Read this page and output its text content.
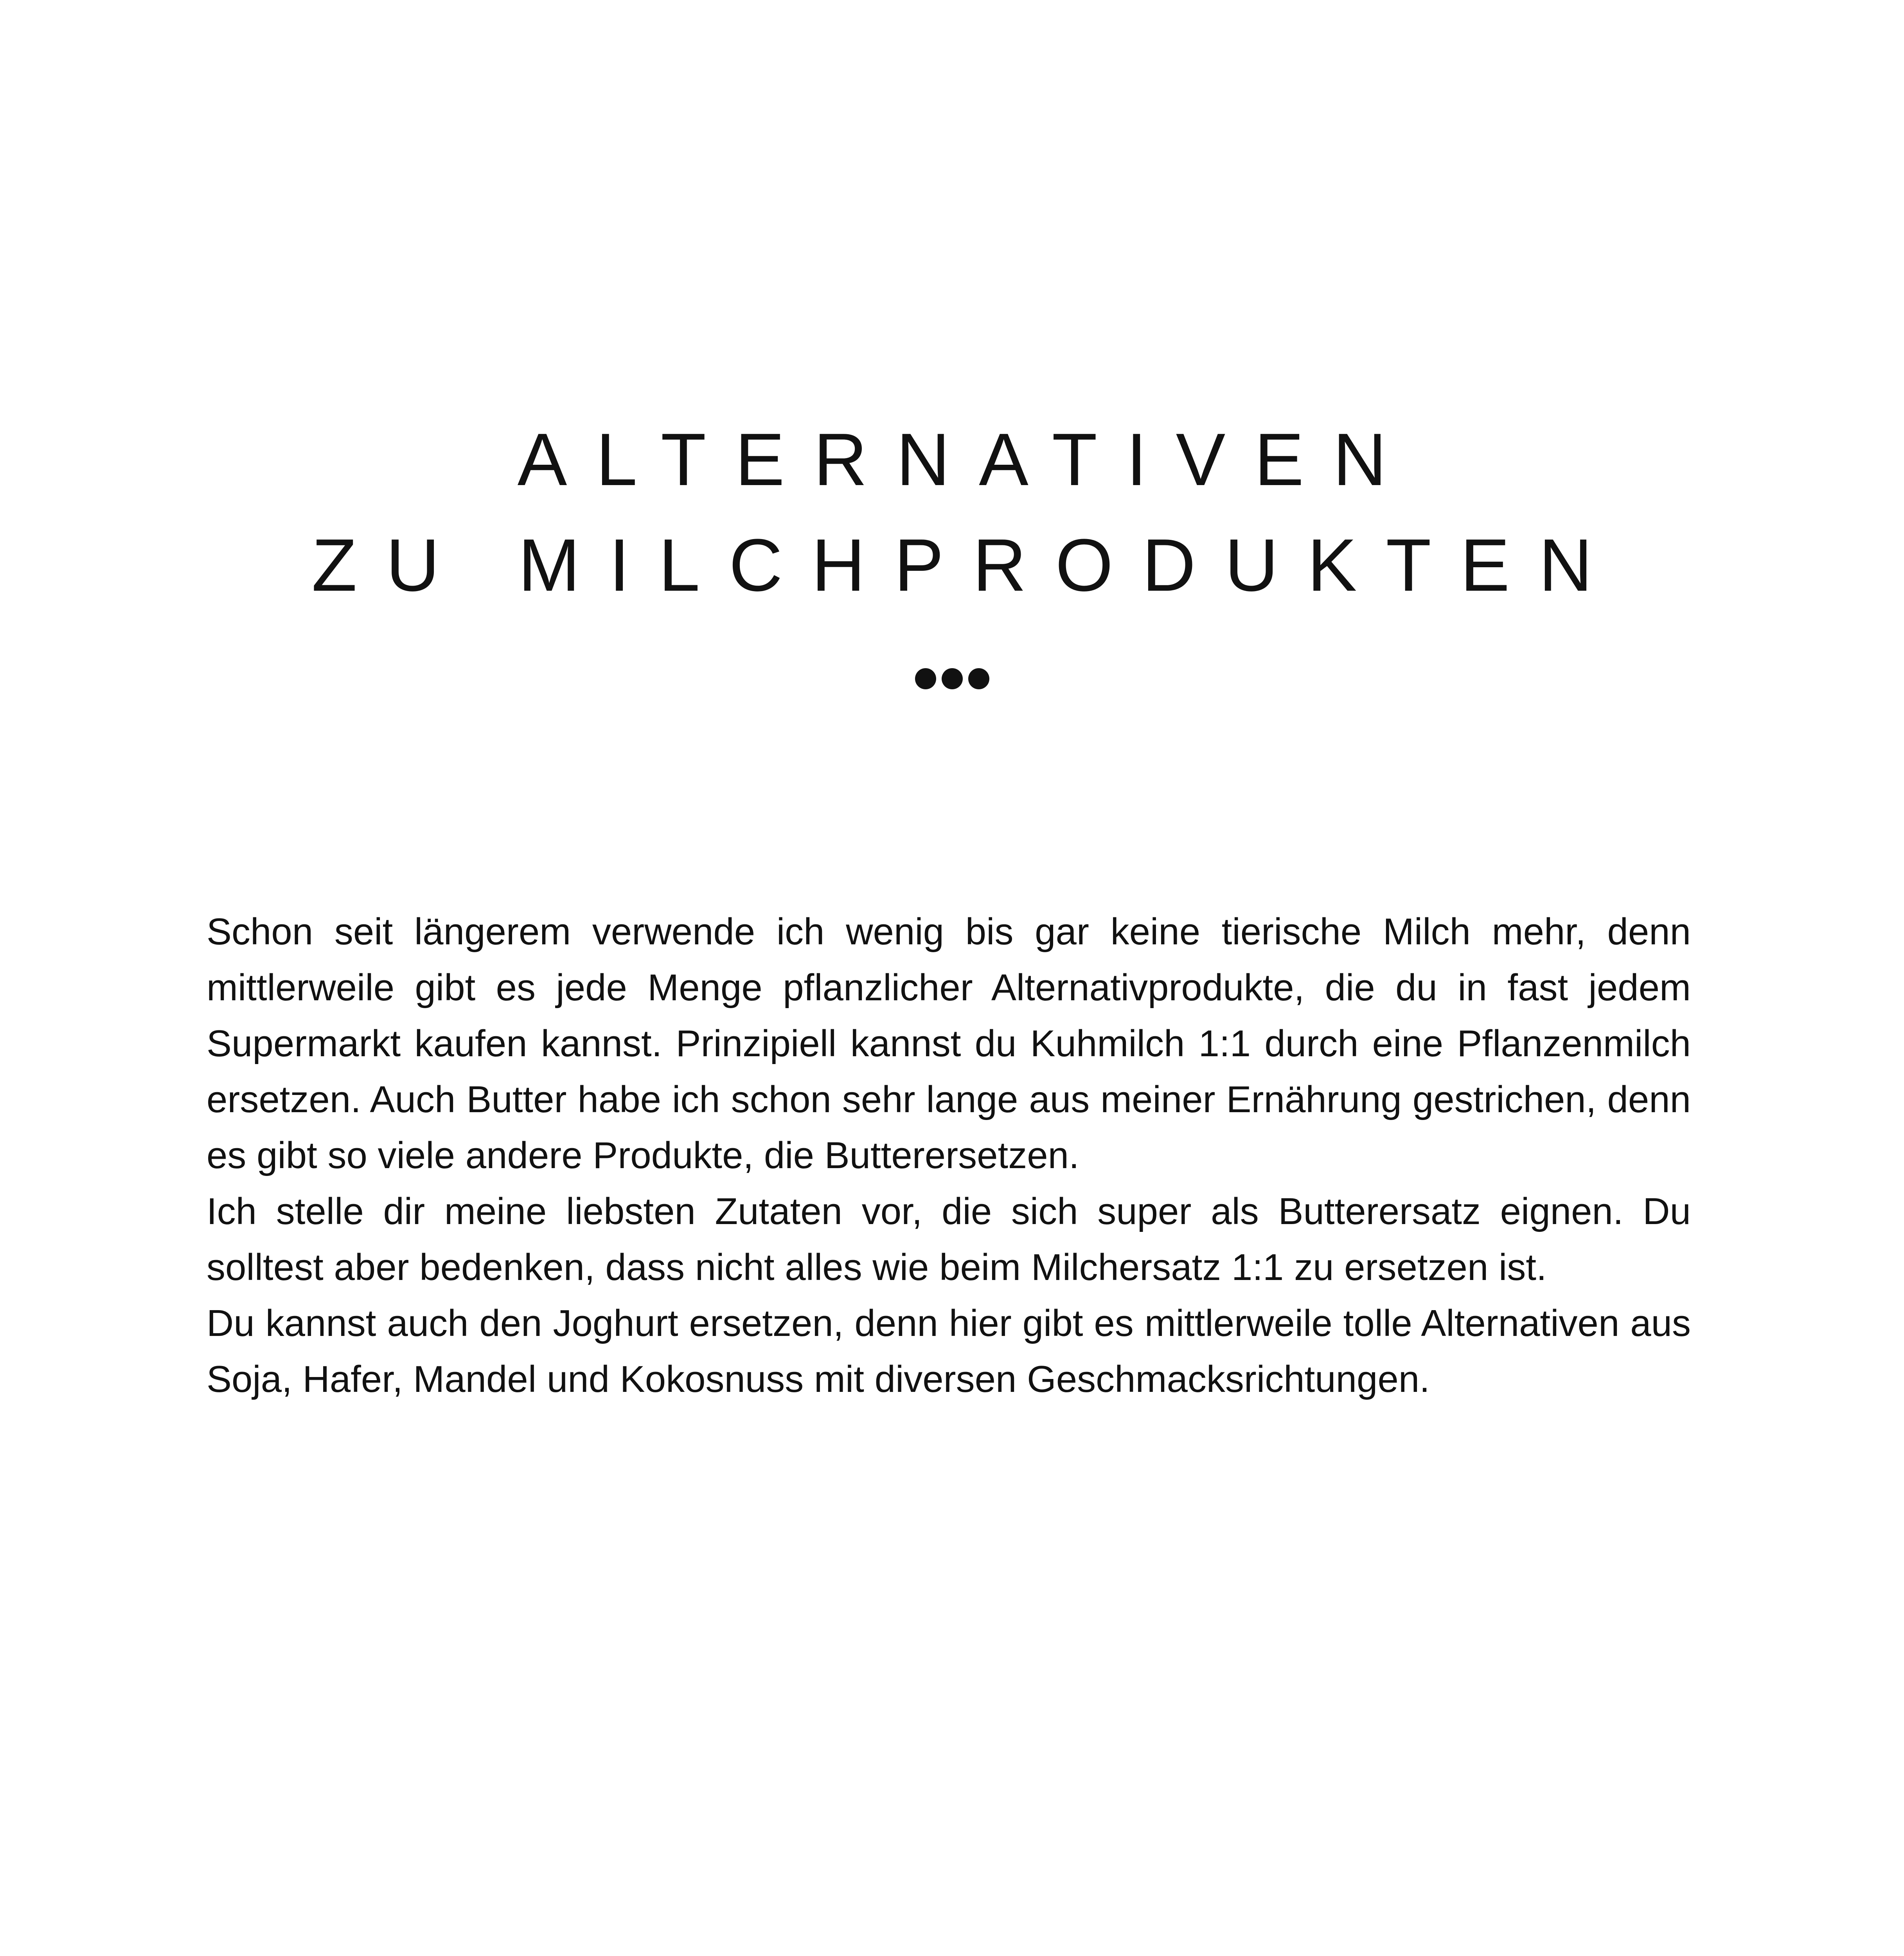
ALTERNATIVEN
ZU MILCHPRODUKTEN

Schon seit längerem verwende ich wenig bis gar keine tierische Milch mehr, denn mittlerweile gibt es jede Menge pflanzlicher Alternativprodukte, die du in fast jedem Supermarkt kaufen kannst. Prinzipiell kannst du Kuhmilch 1:1 durch eine Pflanzenmilch ersetzen. Auch Butter habe ich schon sehr lange aus meiner Ernährung gestrichen, denn es gibt so viele andere Produkte, die Butterersetzen.

Ich stelle dir meine liebsten Zutaten vor, die sich super als Butterersatz eignen. Du solltest aber bedenken, dass nicht alles wie beim Milchersatz 1:1 zu ersetzen ist.

Du kannst auch den Joghurt ersetzen, denn hier gibt es mittlerweile tolle Alternativen aus Soja, Hafer, Mandel und Kokosnuss mit diversen Geschmacksrichtungen.
